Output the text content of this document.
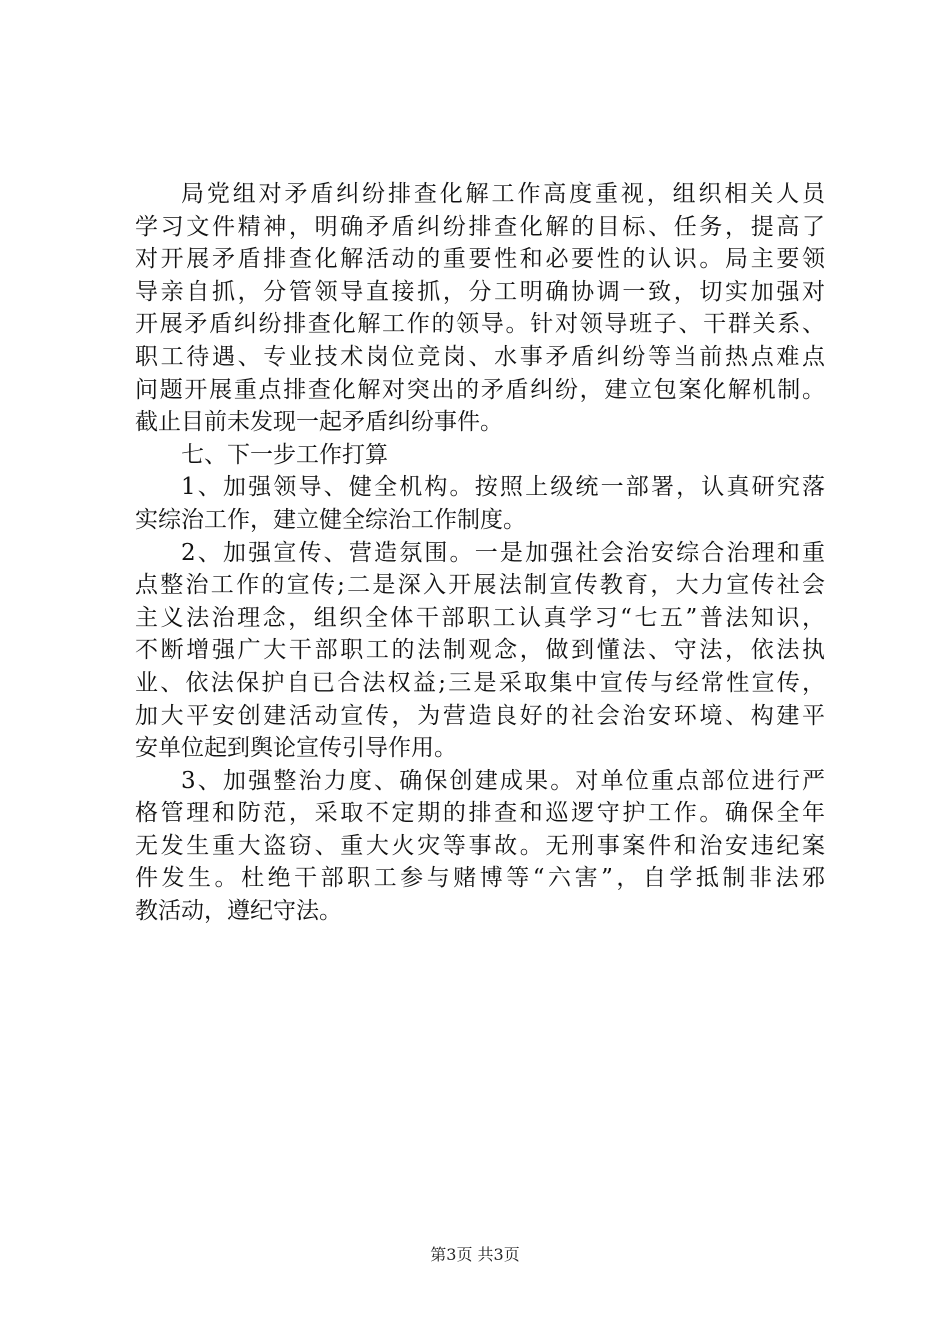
局党组对矛盾纠纷排查化解工作高度重视，组织相关人员
学习文件精神，明确矛盾纠纷排查化解的目标、任务，提高了
对开展矛盾排查化解活动的重要性和必要性的认识。局主要领
导亲自抓，分管领导直接抓，分工明确协调一致，切实加强对
开展矛盾纠纷排查化解工作的领导。针对领导班子、干群关系、
职工待遇、专业技术岗位竞岗、水事矛盾纠纷等当前热点难点
问题开展重点排查化解对突出的矛盾纠纷，建立包案化解机制。
截止目前未发现一起矛盾纠纷事件。
七、下一步工作打算
1、加强领导、健全机构。按照上级统一部署，认真研究落
实综治工作，建立健全综治工作制度。
2、加强宣传、营造氛围。一是加强社会治安综合治理和重
点整治工作的宣传;二是深入开展法制宣传教育，大力宣传社会
主义法治理念，组织全体干部职工认真学习“七五”普法知识，
不断增强广大干部职工的法制观念，做到懂法、守法，依法执
业、依法保护自已合法权益;三是采取集中宣传与经常性宣传，
加大平安创建活动宣传，为营造良好的社会治安环境、构建平
安单位起到舆论宣传引导作用。
3、加强整治力度、确保创建成果。对单位重点部位进行严
格管理和防范，采取不定期的排查和巡逻守护工作。确保全年
无发生重大盗窃、重大火灾等事故。无刑事案件和治安违纪案
件发生。杜绝干部职工参与赌博等“六害”，自学抵制非法邪
教活动，遵纪守法。
第3页 共3页
